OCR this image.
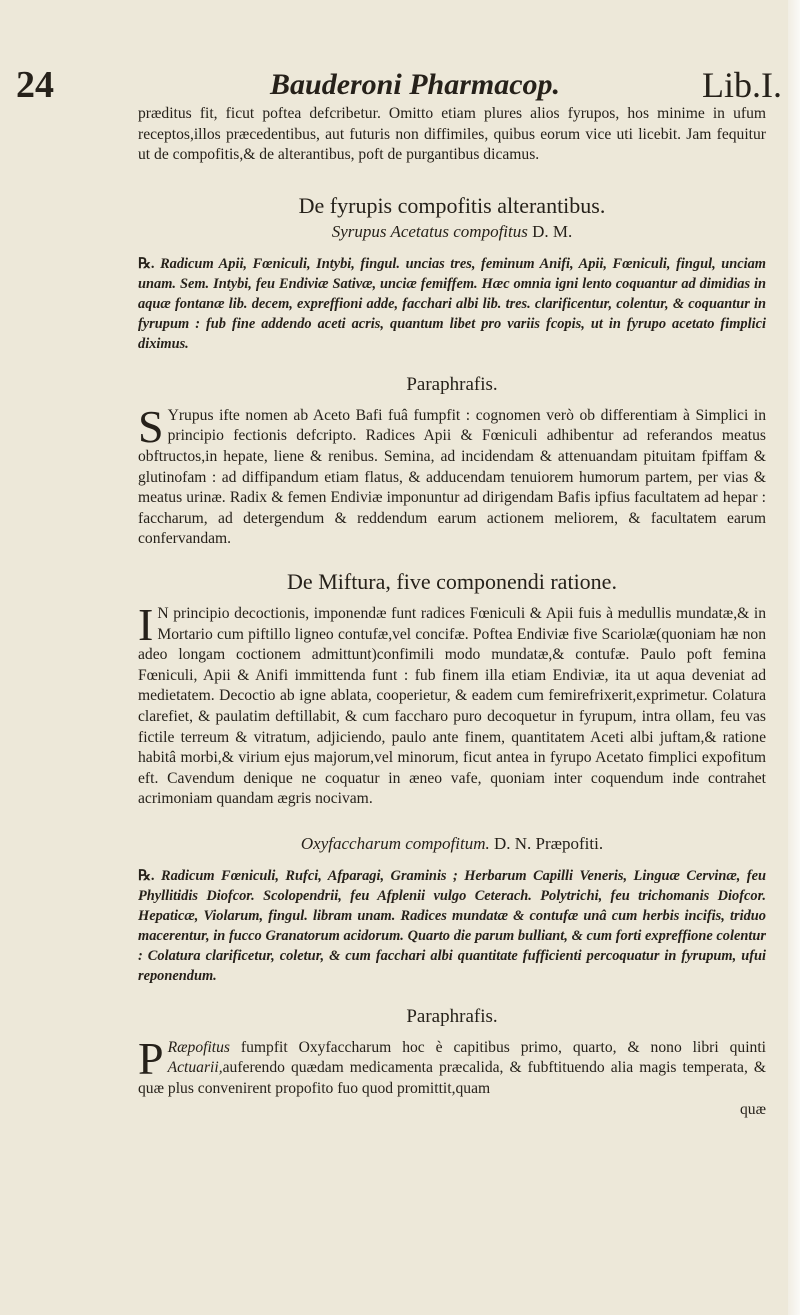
24	Bauderoni Pharmacop.	Lib.I.

præditus fit, ficut poftea defcribetur. Omitto etiam plures alios fyrupos, hos minime in ufum receptos,illos præcedentibus, aut futuris non diffimiles, quibus eorum vice uti licebit. Jam fequitur ut de compofitis,& de alterantibus, poft de purgantibus dicamus.

De fyrupis compofitis alterantibus.
Syrupus Acetatus compofitus D. M.

℞. Radicum Apii, Fœniculi, Intybi, fingul. uncias tres, feminum Anifi, Apii, Fœniculi, fingul, unciam unam. Sem. Intybi, feu Endiviæ Sativæ, unciæ femiffem. Hæc omnia igni lento coquantur ad dimidias in aquæ fontanæ lib. decem, expreffioni adde, facchari albi lib. tres. clarificentur, colentur, & coquantur in fyrupum : fub fine addendo aceti acris, quantum libet pro variis fcopis, ut in fyrupo acetato fimplici diximus.

Paraphrafis.

S Yrupus ifte nomen ab Aceto Bafi fuâ fumpfit : cognomen verò ob differentiam à Simplici in principio fectionis defcripto. Radices Apii & Fœniculi adhibentur ad referandos meatus obftructos,in hepate, liene & renibus. Semina, ad incidendam & attenuandam pituitam fpiffam & glutinofam : ad diffipandum etiam flatus, & adducendam tenuiorem humorum partem, per vias & meatus urinæ. Radix & femen Endiviæ imponuntur ad dirigendam Bafis ipfius facultatem ad hepar : faccharum, ad detergendum & reddendum earum actionem meliorem, & facultatem earum confervandam.

De Miftura, five componendi ratione.

I N principio decoctionis, imponendæ funt radices Fœniculi & Apii fuis à medullis mundatæ,& in Mortario cum piftillo ligneo contufæ,vel concifæ. Poftea Endiviæ five Scariolæ(quoniam hæ non adeo longam coctionem admittunt)confimili modo mundatæ,& contufæ. Paulo poft femina Fœniculi, Apii & Anifi immittenda funt : fub finem illa etiam Endiviæ, ita ut aqua deveniat ad medietatem. Decoctio ab igne ablata, cooperietur, & eadem cum femirefrixerit,exprimetur. Colatura clarefiet, & paulatim deftillabit, & cum faccharo puro decoquetur in fyrupum, intra ollam, feu vas fictile terreum & vitratum, adjiciendo, paulo ante finem, quantitatem Aceti albi juftam,& ratione habitâ morbi,& virium ejus majorum,vel minorum, ficut antea in fyrupo Acetato fimplici expofitum eft. Cavendum denique ne coquatur in æneo vafe, quoniam inter coquendum inde contrahet acrimoniam quandam ægris nocivam.

Oxyfaccharum compofitum. D. N. Præpofiti.

℞. Radicum Fœniculi, Rufci, Afparagi, Graminis ; Herbarum Capilli Veneris, Linguæ Cervinæ, feu Phyllitidis Diofcor. Scolopendrii, feu Afplenii vulgo Ceterach. Polytrichi, feu trichomanis Diofcor. Hepaticæ, Violarum, fingul. libram unam. Radices mundatæ & contufæ unâ cum herbis incifis, triduo macerentur, in fucco Granatorum acidorum. Quarto die parum bulliant, & cum forti expreffione colentur : Colatura clarificetur, coletur, & cum facchari albi quantitate fufficienti percoquatur in fyrupum, ufui reponendum.

Paraphrafis.

P Ræpofitus fumpfit Oxyfaccharum hoc è capitibus primo, quarto, & nono libri quinti Actuarii,auferendo quædam medicamenta præcalida, & fubftituendo alia magis temperata, & quæ plus convenirent propofito fuo quod promittit,quam

quæ
